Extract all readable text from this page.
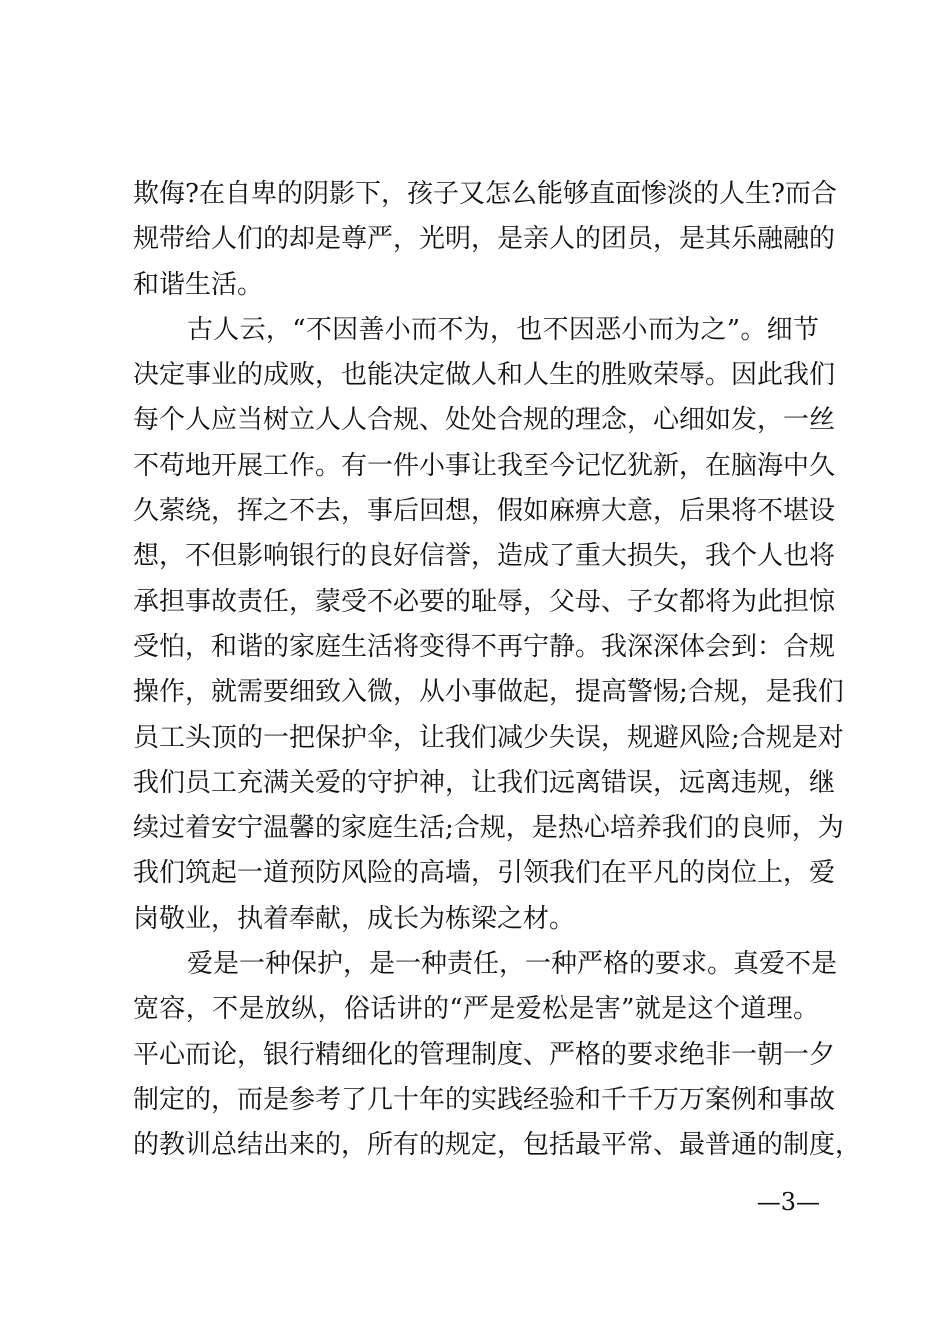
欺侮?在自卑的阴影下，孩子又怎么能够直面惨淡的人生?而合
规带给人们的却是尊严，光明，是亲人的团员，是其乐融融的
和谐生活。
古人云，“不因善小而不为，也不因恶小而为之”。细节
决定事业的成败，也能决定做人和人生的胜败荣辱。因此我们
每个人应当树立人人合规、处处合规的理念，心细如发，一丝
不苟地开展工作。有一件小事让我至今记忆犹新，在脑海中久
久萦绕，挥之不去，事后回想，假如麻痹大意，后果将不堪设
想，不但影响银行的良好信誉，造成了重大损失，我个人也将
承担事故责任，蒙受不必要的耻辱，父母、子女都将为此担惊
受怕，和谐的家庭生活将变得不再宁静。我深深体会到：合规
操作，就需要细致入微，从小事做起，提高警惕;合规，是我们
员工头顶的一把保护伞，让我们减少失误，规避风险;合规是对
我们员工充满关爱的守护神，让我们远离错误，远离违规，继
续过着安宁温馨的家庭生活;合规，是热心培养我们的良师，为
我们筑起一道预防风险的高墙，引领我们在平凡的岗位上，爱
岗敬业，执着奉献，成长为栋梁之材。
爱是一种保护，是一种责任，一种严格的要求。真爱不是
宽容，不是放纵，俗话讲的“严是爱松是害”就是这个道理。
平心而论，银行精细化的管理制度、严格的要求绝非一朝一夕
制定的，而是参考了几十年的实践经验和千千万万案例和事故
的教训总结出来的，所有的规定，包括最平常、最普通的制度，
—3—
